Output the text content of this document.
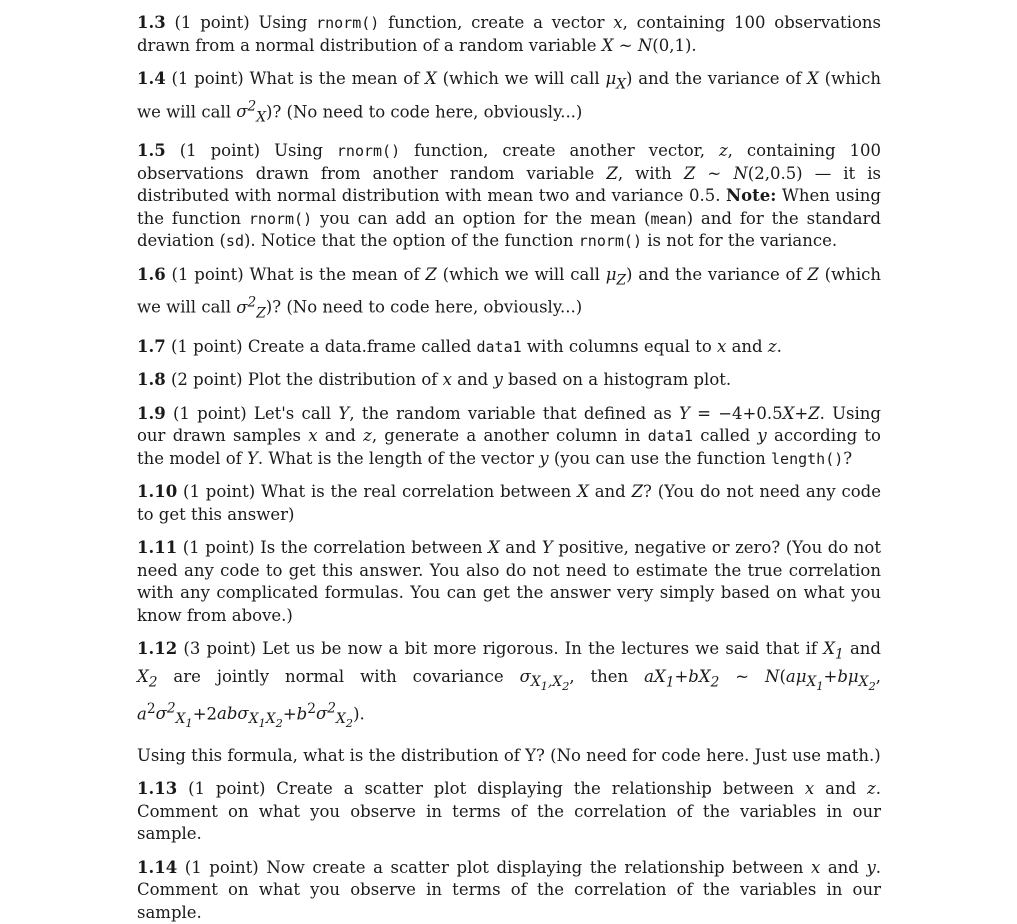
1.3 (1 point) Using rnorm() function, create a vector x, containing 100 observations drawn from a normal distribution of a random variable X ~ N(0,1).

1.4 (1 point) What is the mean of X (which we will call $\mu_X$) and the variance of X (which we will call $\sigma^2_X$)? (No need to code here, obviously...)

1.5 (1 point) Using rnorm() function, create another vector, z, containing 100 observations drawn from another random variable Z, with Z ~ N(2,0.5) — it is distributed with normal distribution with mean two and variance 0.5. Note: When using the function rnorm() you can add an option for the mean (mean) and for the standard deviation (sd). Notice that the option of the function rnorm() is not for the variance.

1.6 (1 point) What is the mean of Z (which we will call $\mu_Z$) and the variance of Z (which we will call $\sigma^2_Z$)? (No need to code here, obviously...)

1.7 (1 point) Create a data.frame called data1 with columns equal to x and z.

1.8 (2 point) Plot the distribution of x and y based on a histogram plot.

1.9 (1 point) Let's call Y, the random variable that defined as Y = −4+0.5X+Z. Using our drawn samples x and z, generate a another column in data1 called y according to the model of Y. What is the length of the vector y (you can use the function length()?

1.10 (1 point) What is the real correlation between X and Z? (You do not need any code to get this answer)

1.11 (1 point) Is the correlation between X and Y positive, negative or zero? (You do not need any code to get this answer. You also do not need to estimate the true correlation with any complicated formulas. You can get the answer very simply based on what you know from above.)

1.12 (3 point) Let us be now a bit more rigorous. In the lectures we said that if $X_1$ and $X_2$ are jointly normal with covariance $\sigma_{X_1,X_2}$, then $aX_1+bX_2$ ~ $N(a\mu_{X_1}+b\mu_{X_2}$, $a^2\sigma^2_{X_1}+2ab\sigma_{X_1X_2}+b^2\sigma^2_{X_2}$).

Using this formula, what is the distribution of Y? (No need for code here. Just use math.)

1.13 (1 point) Create a scatter plot displaying the relationship between x and z. Comment on what you observe in terms of the correlation of the variables in our sample.

1.14 (1 point) Now create a scatter plot displaying the relationship between x and y. Comment on what you observe in terms of the correlation of the variables in our sample.
